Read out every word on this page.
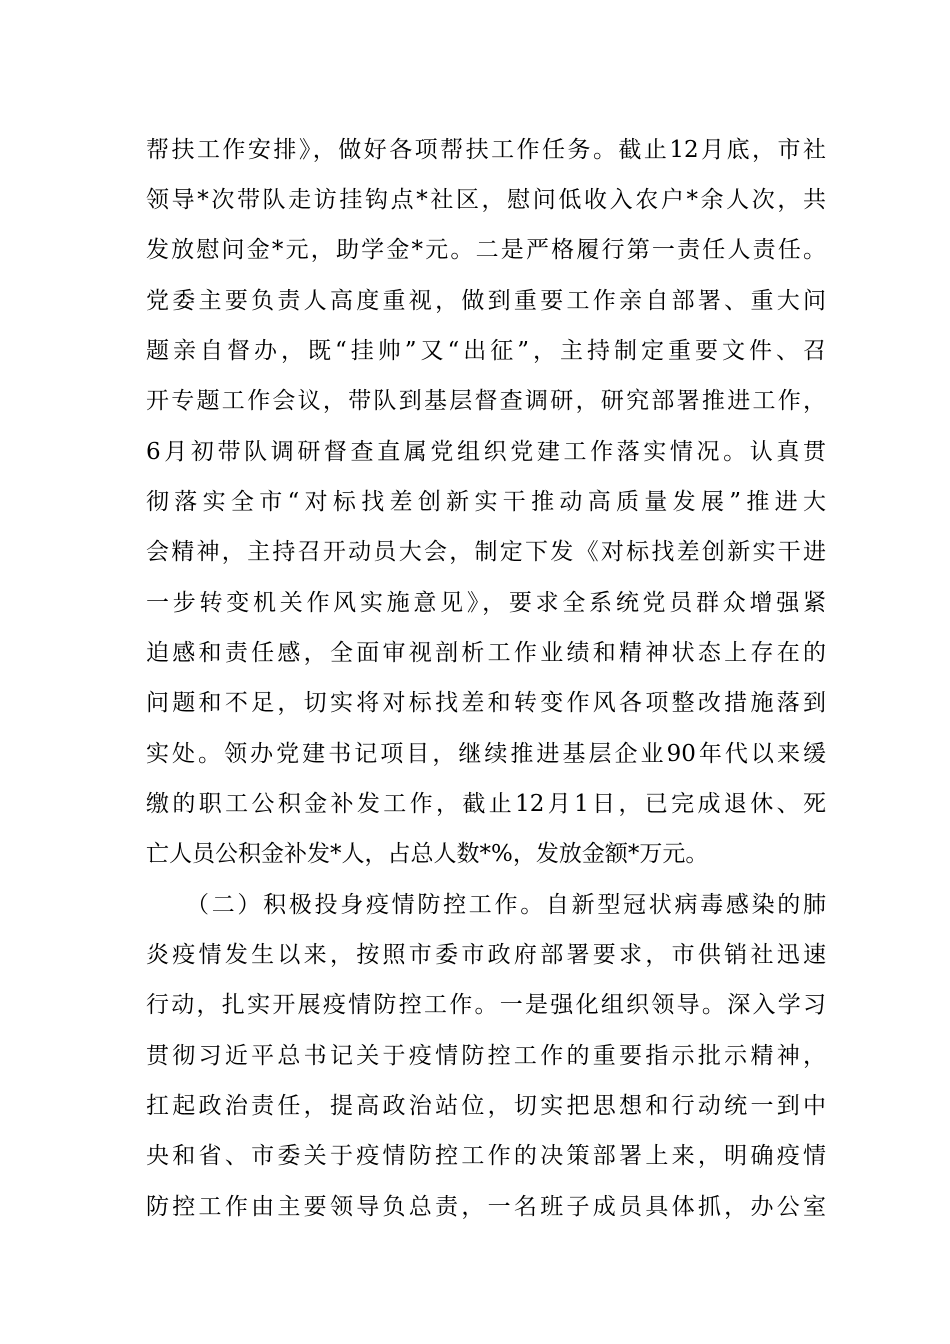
帮扶工作安排》，做好各项帮扶工作任务。截止12月底，市社
领导*次带队走访挂钩点*社区，慰问低收入农户*余人次，共
发放慰问金*元，助学金*元。二是严格履行第一责任人责任。
党委主要负责人高度重视，做到重要工作亲自部署、重大问
题亲自督办，既“挂帅”又“出征”，主持制定重要文件、召
开专题工作会议，带队到基层督查调研，研究部署推进工作，
6月初带队调研督查直属党组织党建工作落实情况。认真贯
彻落实全市“对标找差创新实干推动高质量发展”推进大
会精神，主持召开动员大会，制定下发《对标找差创新实干进
一步转变机关作风实施意见》，要求全系统党员群众增强紧
迫感和责任感，全面审视剖析工作业绩和精神状态上存在的
问题和不足，切实将对标找差和转变作风各项整改措施落到
实处。领办党建书记项目，继续推进基层企业90年代以来缓
缴的职工公积金补发工作，截止12月1日，已完成退休、死
亡人员公积金补发*人，占总人数*%，发放金额*万元。
（二）积极投身疫情防控工作。自新型冠状病毒感染的肺
炎疫情发生以来，按照市委市政府部署要求，市供销社迅速
行动，扎实开展疫情防控工作。一是强化组织领导。深入学习
贯彻习近平总书记关于疫情防控工作的重要指示批示精神，
扛起政治责任，提高政治站位，切实把思想和行动统一到中
央和省、市委关于疫情防控工作的决策部署上来，明确疫情
防控工作由主要领导负总责，一名班子成员具体抓，办公室
